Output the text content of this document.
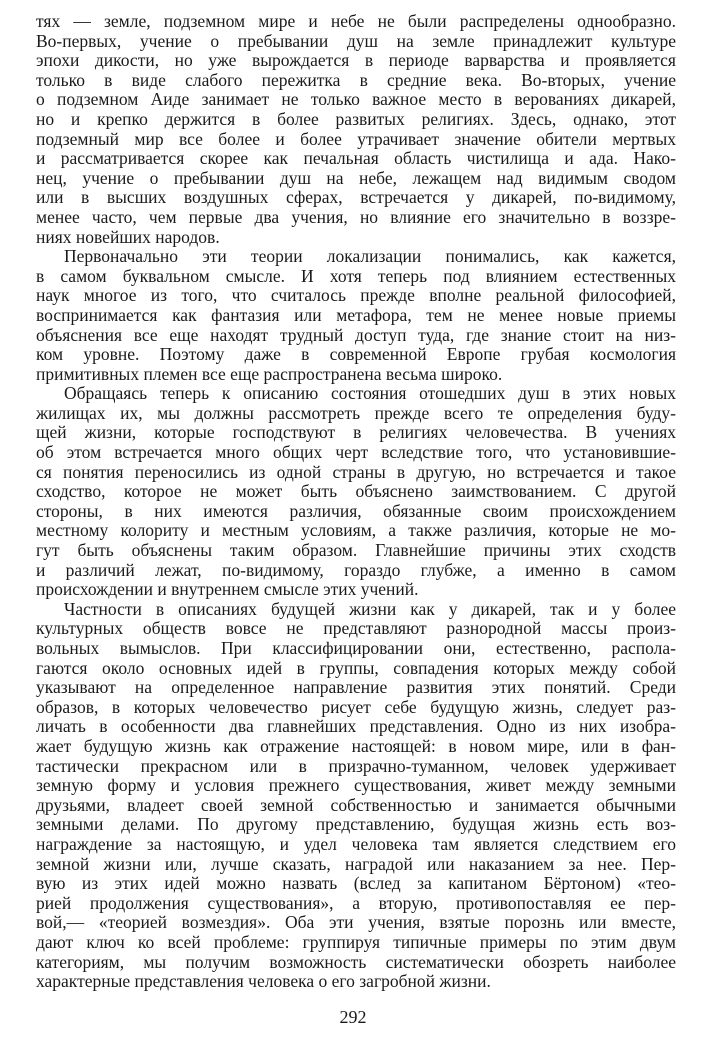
тях — земле, подземном мире и небе не были распределены однообразно.
Во-первых, учение о пребывании душ на земле принадлежит культуре
эпохи дикости, но уже вырождается в периоде варварства и проявляется
только в виде слабого пережитка в средние века. Во-вторых, учение
о подземном Аиде занимает не только важное место в верованиях дикарей,
но и крепко держится в более развитых религиях. Здесь, однако, этот
подземный мир все более и более утрачивает значение обители мертвых
и рассматривается скорее как печальная область чистилища и ада. Нако-
нец, учение о пребывании душ на небе, лежащем над видимым сводом
или в высших воздушных сферах, встречается у дикарей, по-видимому,
менее часто, чем первые два учения, но влияние его значительно в воззре-
ниях новейших народов.
Первоначально эти теории локализации понимались, как кажется,
в самом буквальном смысле. И хотя теперь под влиянием естественных
наук многое из того, что считалось прежде вполне реальной философией,
воспринимается как фантазия или метафора, тем не менее новые приемы
объяснения все еще находят трудный доступ туда, где знание стоит на низ-
ком уровне. Поэтому даже в современной Европе грубая космология
примитивных племен все еще распространена весьма широко.
Обращаясь теперь к описанию состояния отошедших душ в этих новых
жилищах их, мы должны рассмотреть прежде всего те определения буду-
щей жизни, которые господствуют в религиях человечества. В учениях
об этом встречается много общих черт вследствие того, что установившие-
ся понятия переносились из одной страны в другую, но встречается и такое
сходство, которое не может быть объяснено заимствованием. С другой
стороны, в них имеются различия, обязанные своим происхождением
местному колориту и местным условиям, а также различия, которые не мо-
гут быть объяснены таким образом. Главнейшие причины этих сходств
и различий лежат, по-видимому, гораздо глубже, а именно в самом
происхождении и внутреннем смысле этих учений.
Частности в описаниях будущей жизни как у дикарей, так и у более
культурных обществ вовсе не представляют разнородной массы произ-
вольных вымыслов. При классифицировании они, естественно, распола-
гаются около основных идей в группы, совпадения которых между собой
указывают на определенное направление развития этих понятий. Среди
образов, в которых человечество рисует себе будущую жизнь, следует раз-
личать в особенности два главнейших представления. Одно из них изобра-
жает будущую жизнь как отражение настоящей: в новом мире, или в фан-
тастически прекрасном или в призрачно-туманном, человек удерживает
земную форму и условия прежнего существования, живет между земными
друзьями, владеет своей земной собственностью и занимается обычными
земными делами. По другому представлению, будущая жизнь есть воз-
награждение за настоящую, и удел человека там является следствием его
земной жизни или, лучше сказать, наградой или наказанием за нее. Пер-
вую из этих идей можно назвать (вслед за капитаном Бёртоном) «тео-
рией продолжения существования», а вторую, противопоставляя ее пер-
вой,— «теорией возмездия». Оба эти учения, взятые порознь или вместе,
дают ключ ко всей проблеме: группируя типичные примеры по этим двум
категориям, мы получим возможность систематически обозреть наиболее
характерные представления человека о его загробной жизни.
292
